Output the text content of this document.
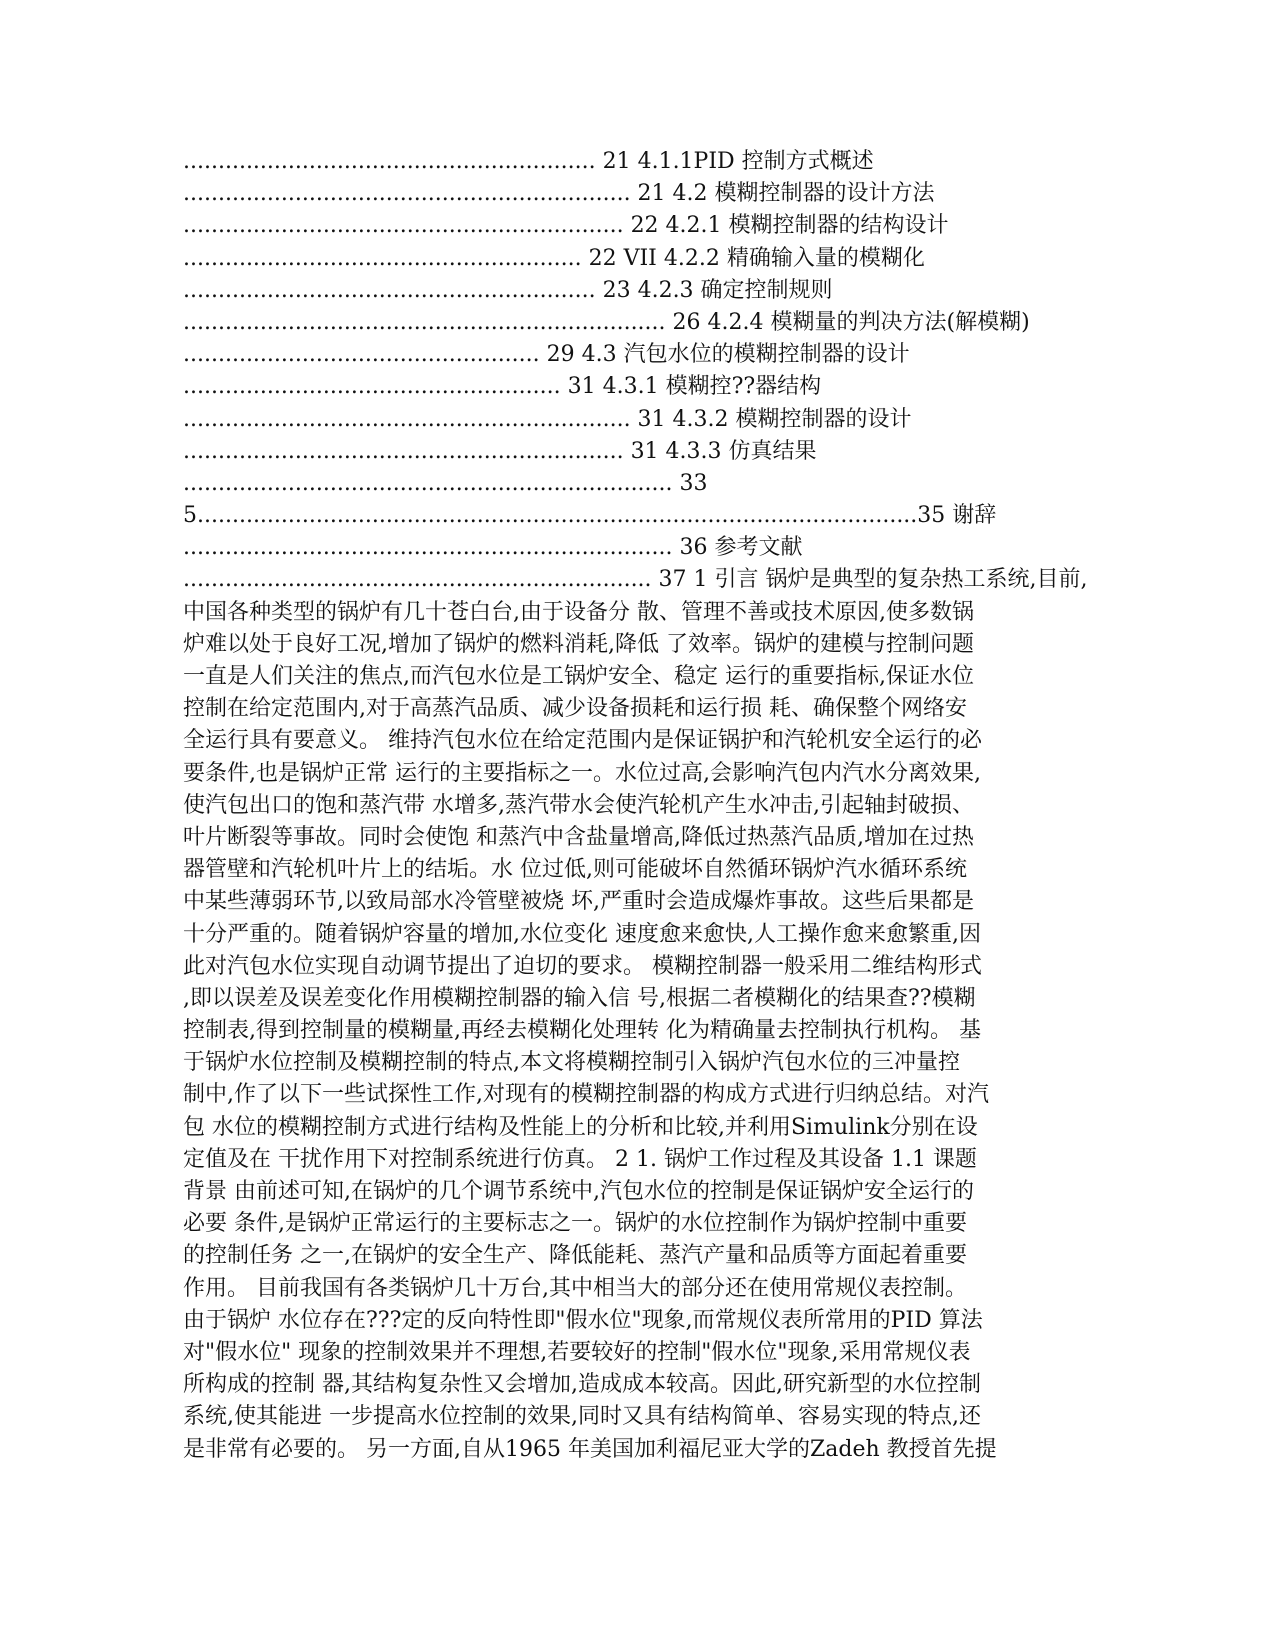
........................................................... 21 4.1.1PID 控制方式概述
................................................................ 21 4.2 模糊控制器的设计方法
............................................................... 22 4.2.1 模糊控制器的结构设计
......................................................... 22 VII 4.2.2 精确输入量的模糊化
........................................................... 23 4.2.3 确定控制规则
..................................................................... 26 4.2.4 模糊量的判决方法(解模糊)
................................................... 29 4.3 汽包水位的模糊控制器的设计
...................................................... 31 4.3.1 模糊控??器结构
................................................................ 31 4.3.2 模糊控制器的设计
............................................................... 31 4.3.3 仿真结果
...................................................................... 33
5.......................................................................................................35 谢辞
...................................................................... 36 参考文献
................................................................... 37 1 引言 锅炉是典型的复杂热工系统,目前,
中国各种类型的锅炉有几十苍白台,由于设备分 散、管理不善或技术原因,使多数锅
炉难以处于良好工况,增加了锅炉的燃料消耗,降低 了效率。锅炉的建模与控制问题
一直是人们关注的焦点,而汽包水位是工锅炉安全、稳定 运行的重要指标,保证水位
控制在给定范围内,对于高蒸汽品质、减少设备损耗和运行损 耗、确保整个网络安
全运行具有要意义。 维持汽包水位在给定范围内是保证锅护和汽轮机安全运行的必
要条件,也是锅炉正常 运行的主要指标之一。水位过高,会影响汽包内汽水分离效果,
使汽包出口的饱和蒸汽带 水增多,蒸汽带水会使汽轮机产生水冲击,引起轴封破损、
叶片断裂等事故。同时会使饱 和蒸汽中含盐量增高,降低过热蒸汽品质,增加在过热
器管壁和汽轮机叶片上的结垢。水 位过低,则可能破坏自然循环锅炉汽水循环系统
中某些薄弱环节,以致局部水冷管壁被烧 坏,严重时会造成爆炸事故。这些后果都是
十分严重的。随着锅炉容量的增加,水位变化 速度愈来愈快,人工操作愈来愈繁重,因
此对汽包水位实现自动调节提出了迫切的要求。 模糊控制器一般采用二维结构形式
,即以误差及误差变化作用模糊控制器的输入信 号,根据二者模糊化的结果查??模糊
控制表,得到控制量的模糊量,再经去模糊化处理转 化为精确量去控制执行机构。 基
于锅炉水位控制及模糊控制的特点,本文将模糊控制引入锅炉汽包水位的三冲量控
制中,作了以下一些试探性工作,对现有的模糊控制器的构成方式进行归纳总结。对汽
包 水位的模糊控制方式进行结构及性能上的分析和比较,并利用Simulink分别在设
定值及在 干扰作用下对控制系统进行仿真。 2 1. 锅炉工作过程及其设备 1.1 课题
背景 由前述可知,在锅炉的几个调节系统中,汽包水位的控制是保证锅炉安全运行的
必要 条件,是锅炉正常运行的主要标志之一。锅炉的水位控制作为锅炉控制中重要
的控制任务 之一,在锅炉的安全生产、降低能耗、蒸汽产量和品质等方面起着重要
作用。 目前我国有各类锅炉几十万台,其中相当大的部分还在使用常规仪表控制。
由于锅炉 水位存在???定的反向特性即"假水位"现象,而常规仪表所常用的PID 算法
对"假水位" 现象的控制效果并不理想,若要较好的控制"假水位"现象,采用常规仪表
所构成的控制 器,其结构复杂性又会增加,造成成本较高。因此,研究新型的水位控制
系统,使其能进 一步提高水位控制的效果,同时又具有结构简单、容易实现的特点,还
是非常有必要的。 另一方面,自从1965 年美国加利福尼亚大学的Zadeh 教授首先提
